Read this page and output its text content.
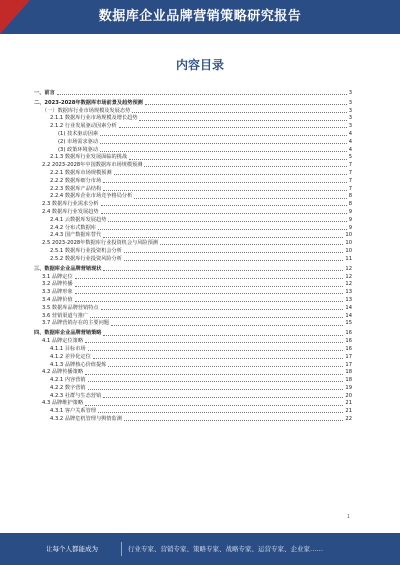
数据库企业品牌营销策略研究报告
内容目录
一、前言	3
二、2023-2028年数据库市场前景及趋势预测	3
（一）数据库行业市场规模及发展态势	3
2.1.1 数据库行业市场规模及增长趋势	3
2.1.2 行业发展驱动因素分析	3
(1) 技术驱动因素	4
(2) 市场需求驱动	4
(3) 政策环境驱动	4
2.1.3 数据库行业发展面临的挑战	5
2.2 2023-2028年中国数据库市场规模预测	7
2.2.1 数据库市场规模预测	7
2.2.2 数据库细分市场	7
2.2.3 数据库产品结构	7
2.2.4 数据库企业市场竞争格局分析	8
2.3 数据库行业需求分析	8
2.4 数据库行业发展趋势	9
2.4.1 云数据库发展趋势	9
2.4.2 分布式数据库	9
2.4.3 国产数据库替代	10
2.5 2023-2028年数据库行业投资机会与风险预测	10
2.5.1 数据库行业投资机会分析	10
2.5.2 数据库行业投资风险分析	11
三、数据库企业品牌营销现状	12
3.1 品牌定位	12
3.2 品牌传播	12
3.3 品牌形象	13
3.4 品牌价值	13
3.5 数据库品牌营销特点	14
3.6 营销渠道与推广	14
3.7 品牌营销存在的主要问题	15
四、数据库企业品牌营销策略	16
4.1 品牌定位策略	16
4.1.1 目标市场	16
4.1.2 差异化定位	17
4.1.3 品牌核心价值提炼	17
4.2 品牌传播策略	18
4.2.1 内容营销	18
4.2.2 数字营销	19
4.2.3 社群与生态营销	20
4.3 品牌维护策略	21
4.3.1 客户关系管理	21
4.3.2 品牌危机管理与舆情监测	22
1
让每个人都能成为	行业专家、营销专家、策略专家、战略专家、运营专家、企业家……
